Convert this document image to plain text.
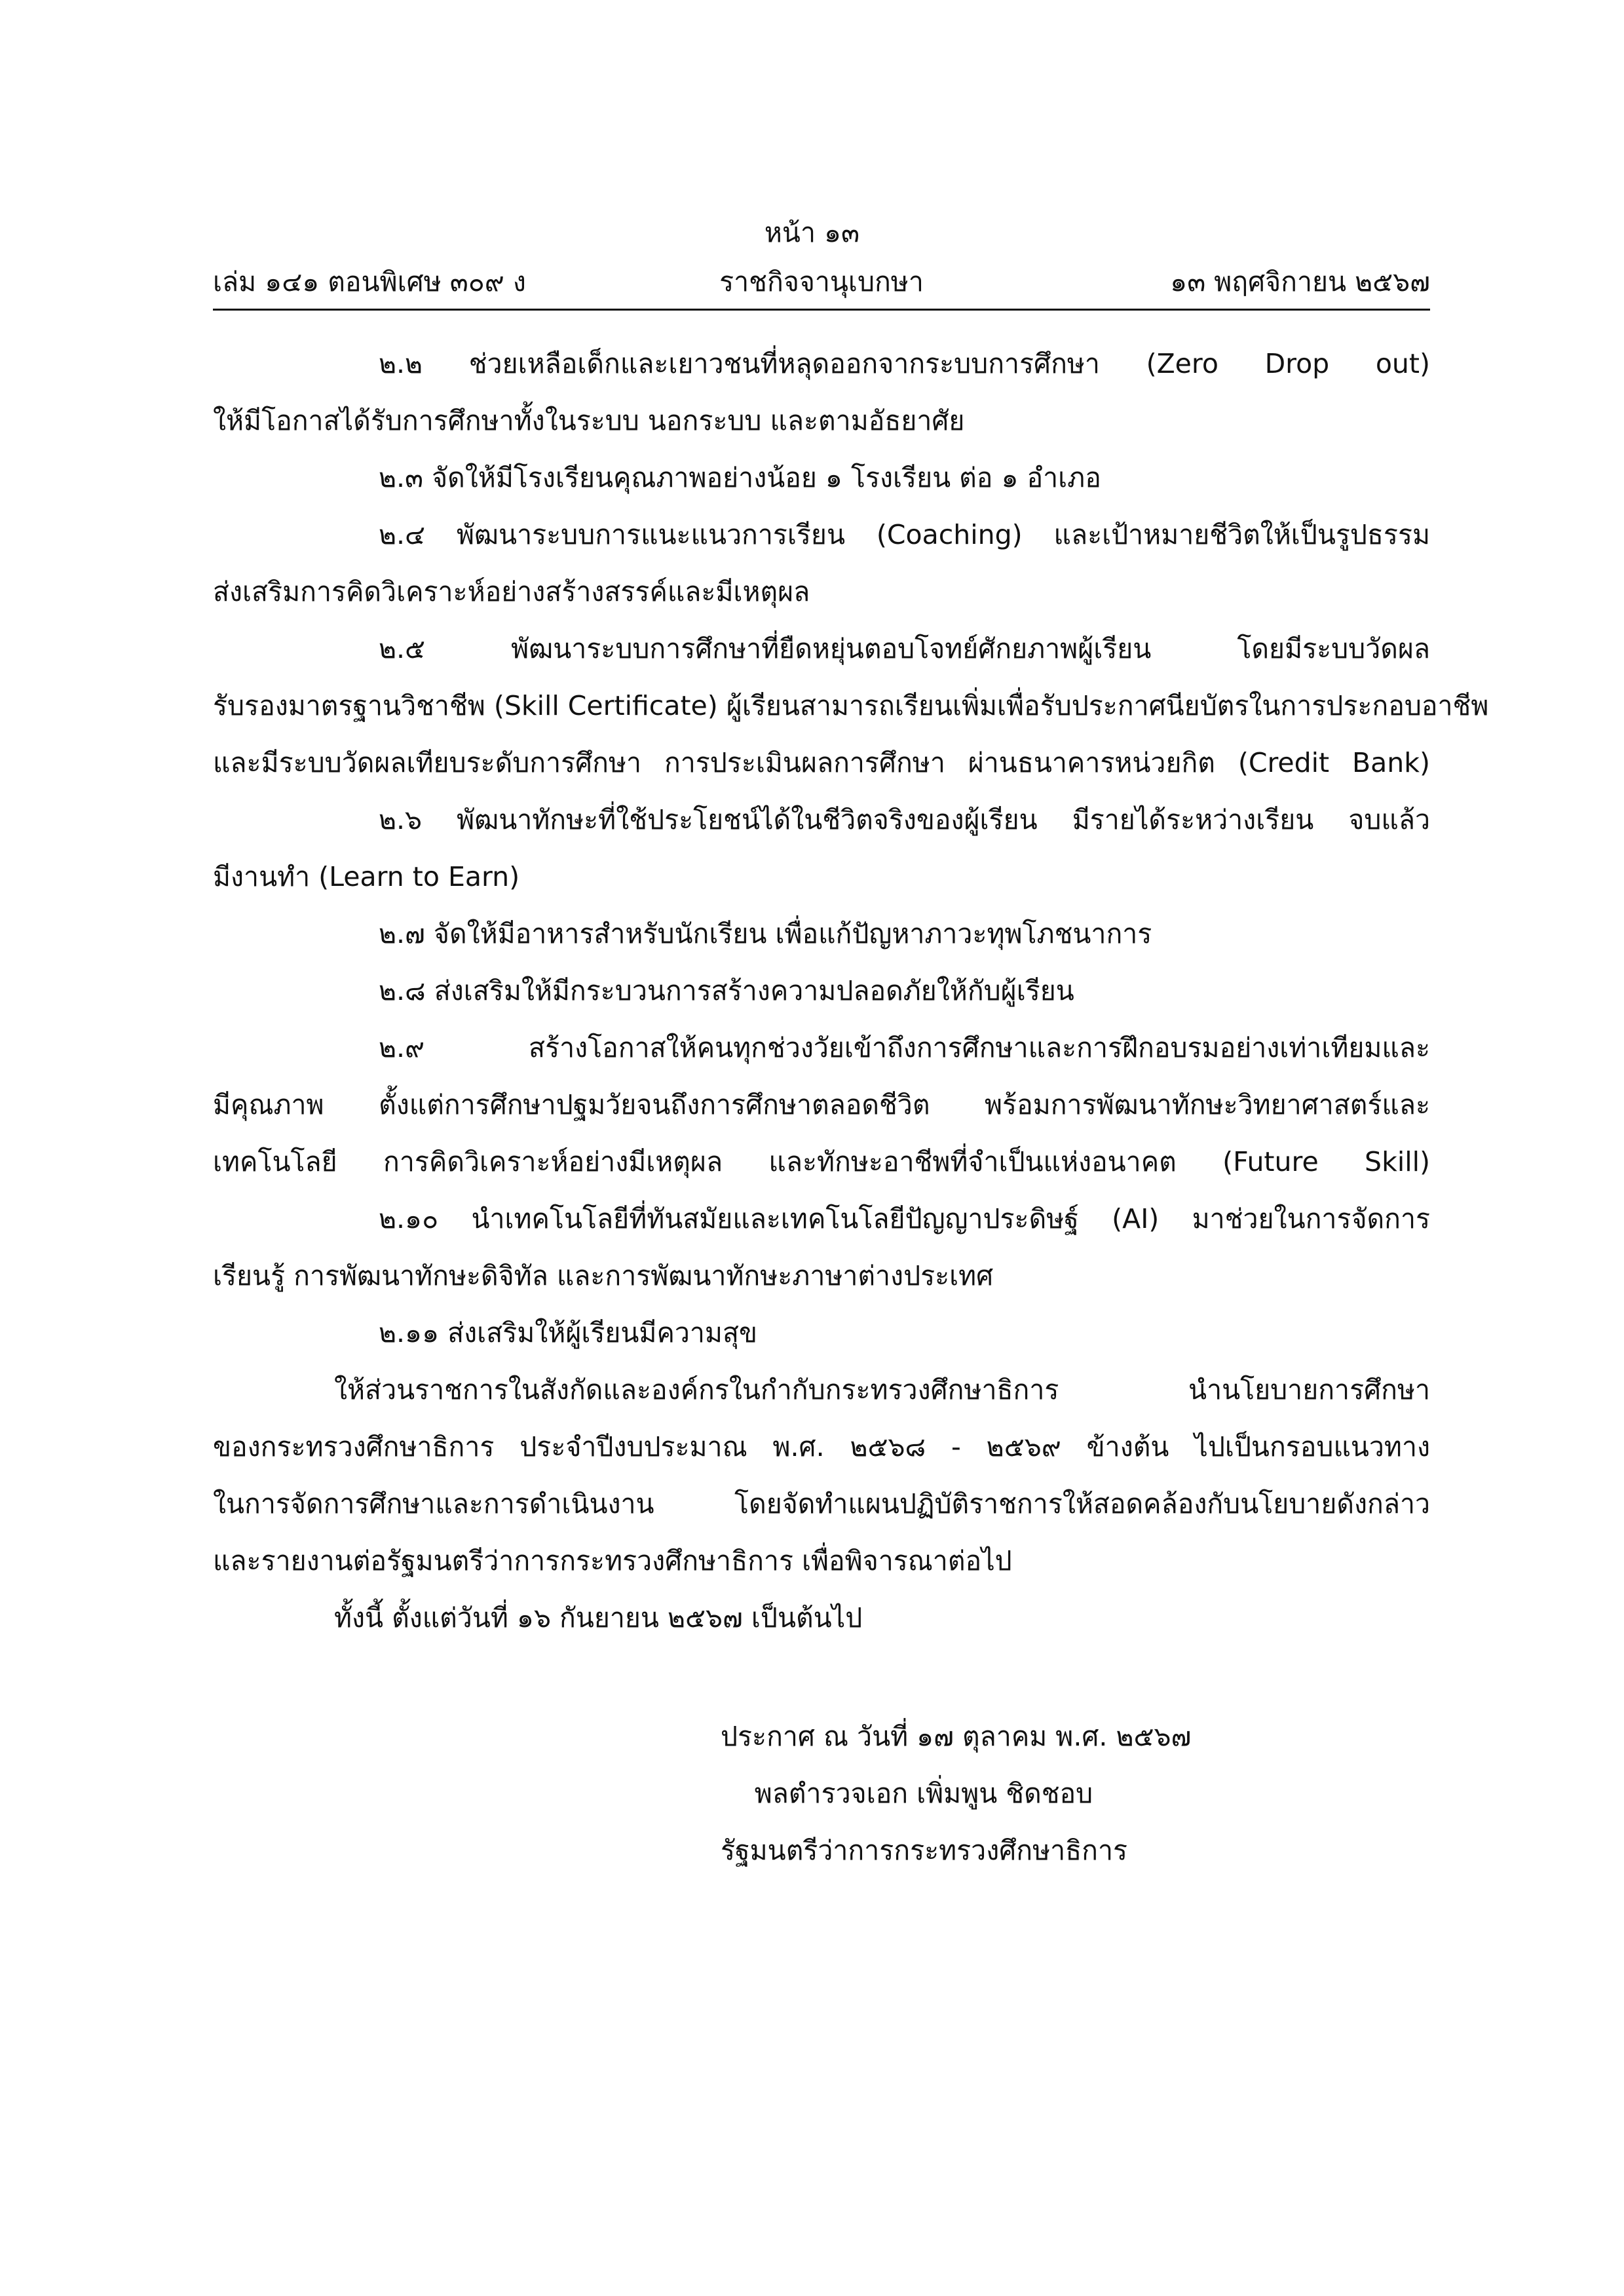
หน้า ๑๓
เล่ม ๑๔๑ ตอนพิเศษ ๓๐๙ ง	ราชกิจจานุเบกษา	๑๓ พฤศจิกายน ๒๕๖๗
๒.๒ ช่วยเหลือเด็กและเยาวชนที่หลุดออกจากระบบการศึกษา (Zero Drop out)
ให้มีโอกาสได้รับการศึกษาทั้งในระบบ นอกระบบ และตามอัธยาศัย
๒.๓ จัดให้มีโรงเรียนคุณภาพอย่างน้อย ๑ โรงเรียน ต่อ ๑ อำเภอ
๒.๔ พัฒนาระบบการแนะแนวการเรียน (Coaching) และเป้าหมายชีวิตให้เป็นรูปธรรม
ส่งเสริมการคิดวิเคราะห์อย่างสร้างสรรค์และมีเหตุผล
๒.๕ พัฒนาระบบการศึกษาที่ยืดหยุ่นตอบโจทย์ศักยภาพผู้เรียน โดยมีระบบวัดผล
รับรองมาตรฐานวิชาชีพ (Skill Certificate) ผู้เรียนสามารถเรียนเพิ่มเพื่อรับประกาศนียบัตรในการประกอบอาชีพ
และมีระบบวัดผลเทียบระดับการศึกษา การประเมินผลการศึกษา ผ่านธนาคารหน่วยกิต (Credit Bank)
๒.๖ พัฒนาทักษะที่ใช้ประโยชน์ได้ในชีวิตจริงของผู้เรียน มีรายได้ระหว่างเรียน จบแล้ว
มีงานทำ (Learn to Earn)
๒.๗ จัดให้มีอาหารสำหรับนักเรียน เพื่อแก้ปัญหาภาวะทุพโภชนาการ
๒.๘ ส่งเสริมให้มีกระบวนการสร้างความปลอดภัยให้กับผู้เรียน
๒.๙ สร้างโอกาสให้คนทุกช่วงวัยเข้าถึงการศึกษาและการฝึกอบรมอย่างเท่าเทียมและ
มีคุณภาพ ตั้งแต่การศึกษาปฐมวัยจนถึงการศึกษาตลอดชีวิต พร้อมการพัฒนาทักษะวิทยาศาสตร์และ
เทคโนโลยี การคิดวิเคราะห์อย่างมีเหตุผล และทักษะอาชีพที่จำเป็นแห่งอนาคต (Future Skill)
๒.๑๐ นำเทคโนโลยีที่ทันสมัยและเทคโนโลยีปัญญาประดิษฐ์ (AI) มาช่วยในการจัดการ
เรียนรู้ การพัฒนาทักษะดิจิทัล และการพัฒนาทักษะภาษาต่างประเทศ
๒.๑๑ ส่งเสริมให้ผู้เรียนมีความสุข
ให้ส่วนราชการในสังกัดและองค์กรในกำกับกระทรวงศึกษาธิการ นำนโยบายการศึกษา
ของกระทรวงศึกษาธิการ ประจำปีงบประมาณ พ.ศ. ๒๕๖๘ - ๒๕๖๙ ข้างต้น ไปเป็นกรอบแนวทาง
ในการจัดการศึกษาและการดำเนินงาน โดยจัดทำแผนปฏิบัติราชการให้สอดคล้องกับนโยบายดังกล่าว
และรายงานต่อรัฐมนตรีว่าการกระทรวงศึกษาธิการ เพื่อพิจารณาต่อไป
ทั้งนี้ ตั้งแต่วันที่ ๑๖ กันยายน ๒๕๖๗ เป็นต้นไป
ประกาศ ณ วันที่ ๑๗ ตุลาคม พ.ศ. ๒๕๖๗
พลตำรวจเอก เพิ่มพูน ชิดชอบ
รัฐมนตรีว่าการกระทรวงศึกษาธิการ
